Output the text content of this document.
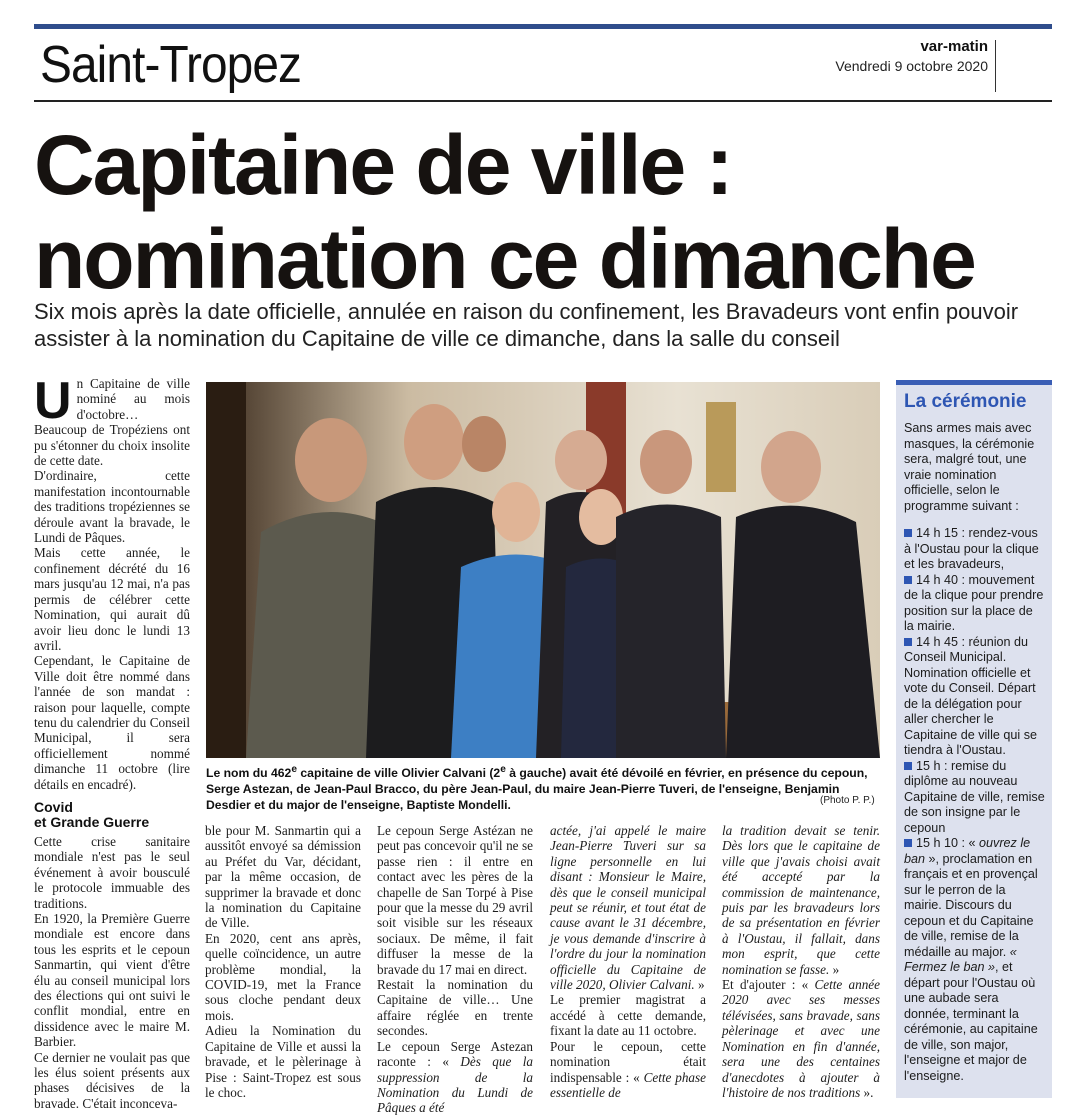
Saint-Tropez	var-matin
Vendredi 9 octobre 2020
Capitaine de ville :
nomination ce dimanche
Six mois après la date officielle, annulée en raison du confinement, les Bravadeurs vont enfin pouvoir assister à la nomination du Capitaine de ville ce dimanche, dans la salle du conseil

Un Capitaine de ville nominé au mois d'octobre… Beaucoup de Tropéziens ont pu s'étonner du choix insolite de cette date.

D'ordinaire, cette manifestation incontournable des traditions tropéziennes se déroule avant la bravade, le Lundi de Pâques.

Mais cette année, le confinement décrété du 16 mars jusqu'au 12 mai, n'a pas permis de célébrer cette Nomination, qui aurait dû avoir lieu donc le lundi 13 avril.

Cependant, le Capitaine de Ville doit être nommé dans l'année de son mandat : raison pour laquelle, compte tenu du calendrier du Conseil Municipal, il sera officiellement nommé dimanche 11 octobre (lire détails en encadré).

Covid
et Grande Guerre

Cette crise sanitaire mondiale n'est pas le seul événement à avoir bousculé le protocole immuable des traditions.

En 1920, la Première Guerre mondiale est encore dans tous les esprits et le cepoun Sanmartin, qui vient d'être élu au conseil municipal lors des élections qui ont suivi le conflit mondial, entre en dissidence avec le maire M. Barbier.

Ce dernier ne voulait pas que les élus soient présents aux phases décisives de la bravade. C'était inconceva-

Le nom du 462e capitaine de ville Olivier Calvani (2e à gauche) avait été dévoilé en février, en présence du cepoun, Serge Astezan, de Jean-Paul Bracco, du père Jean-Paul, du maire Jean-Pierre Tuveri, de l'enseigne, Benjamin Desdier et du major de l'enseigne, Baptiste Mondelli.	(Photo P. P.)

ble pour M. Sanmartin qui a aussitôt envoyé sa démission au Préfet du Var, décidant, par la même occasion, de supprimer la bravade et donc la nomination du Capitaine de Ville.

En 2020, cent ans après, quelle coïncidence, un autre problème mondial, la COVID-19, met la France sous cloche pendant deux mois.

Adieu la Nomination du Capitaine de Ville et aussi la bravade, et le pèlerinage à Pise : Saint-Tropez est sous le choc.

Le cepoun Serge Astézan ne peut pas concevoir qu'il ne se passe rien : il entre en contact avec les pères de la chapelle de San Torpé à Pise pour que la messe du 29 avril soit visible sur les réseaux sociaux. De même, il fait diffuser la messe de la bravade du 17 mai en direct.

Restait la nomination du Capitaine de ville… Une affaire réglée en trente secondes.

Le cepoun Serge Astezan raconte : « Dès que la suppression de la Nomination du Lundi de Pâques a été

actée, j'ai appelé le maire Jean-Pierre Tuveri sur sa ligne personnelle en lui disant : Monsieur le Maire, dès que le conseil municipal peut se réunir, et tout état de cause avant le 31 décembre, je vous demande d'inscrire à l'ordre du jour la nomination officielle du Capitaine de ville 2020, Olivier Calvani. »

Le premier magistrat a accédé à cette demande, fixant la date au 11 octobre.

Pour le cepoun, cette nomination était indispensable : « Cette phase essentielle de

la tradition devait se tenir. Dès lors que le capitaine de ville que j'avais choisi avait été accepté par la commission de maintenance, puis par les bravadeurs lors de sa présentation en février à l'Oustau, il fallait, dans mon esprit, que cette nomination se fasse. »

Et d'ajouter : « Cette année 2020 avec ses messes télévisées, sans bravade, sans pèlerinage et avec une Nomination en fin d'année, sera une des centaines d'anecdotes à ajouter à l'histoire de nos traditions ».

La cérémonie

Sans armes mais avec masques, la cérémonie sera, malgré tout, une vraie nomination officielle, selon le programme suivant :

14 h 15 : rendez-vous à l'Oustau pour la clique et les bravadeurs,

14 h 40 : mouvement de la clique pour prendre position sur la place de la mairie.

14 h 45 : réunion du Conseil Municipal. Nomination officielle et vote du Conseil. Départ de la délégation pour aller chercher le Capitaine de ville qui se tiendra à l'Oustau.

15 h : remise du diplôme au nouveau Capitaine de ville, remise de son insigne par le cepoun

15 h 10 : « ouvrez le ban », proclamation en français et en provençal sur le perron de la mairie. Discours du cepoun et du Capitaine de ville, remise de la médaille au major. « Fermez le ban », et départ pour l'Oustau où une aubade sera donnée, terminant la cérémonie, au capitaine de ville, son major, l'enseigne et major de l'enseigne.
